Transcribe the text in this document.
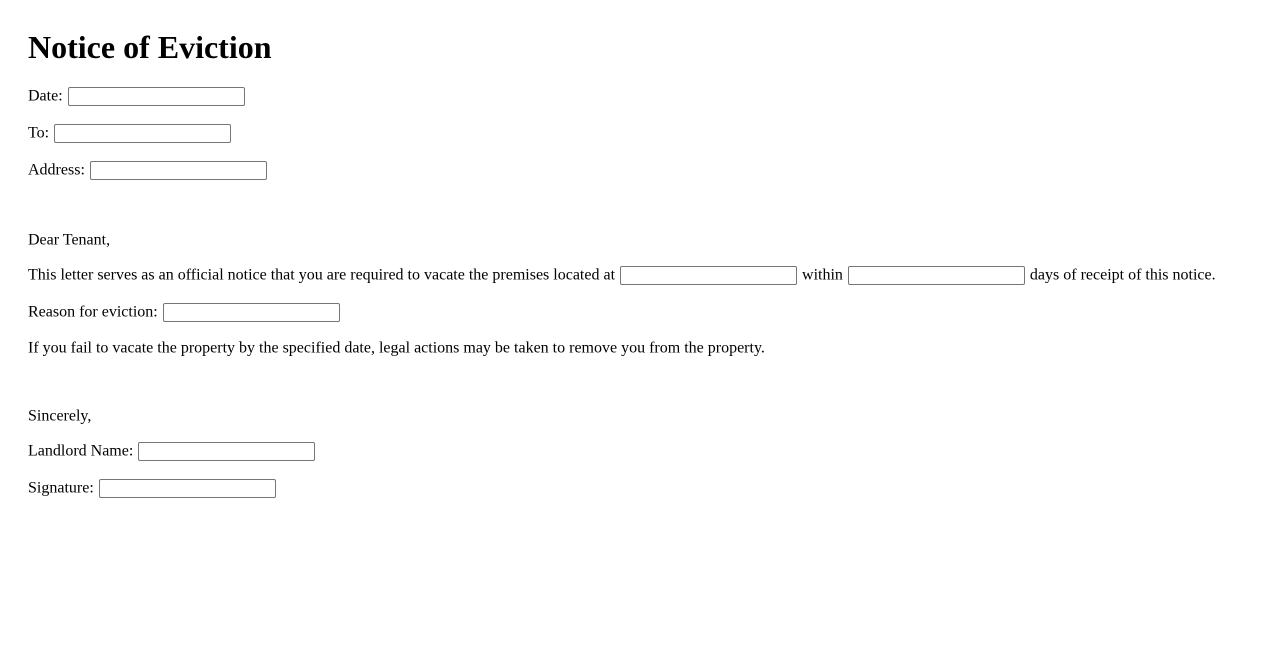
Notice of Eviction
Date:
To:
Address:
Dear Tenant,
This letter serves as an official notice that you are required to vacate the premises located at	within	days of receipt of this notice.
Reason for eviction:
If you fail to vacate the property by the specified date, legal actions may be taken to remove you from the property.
Sincerely,
Landlord Name:
Signature:
